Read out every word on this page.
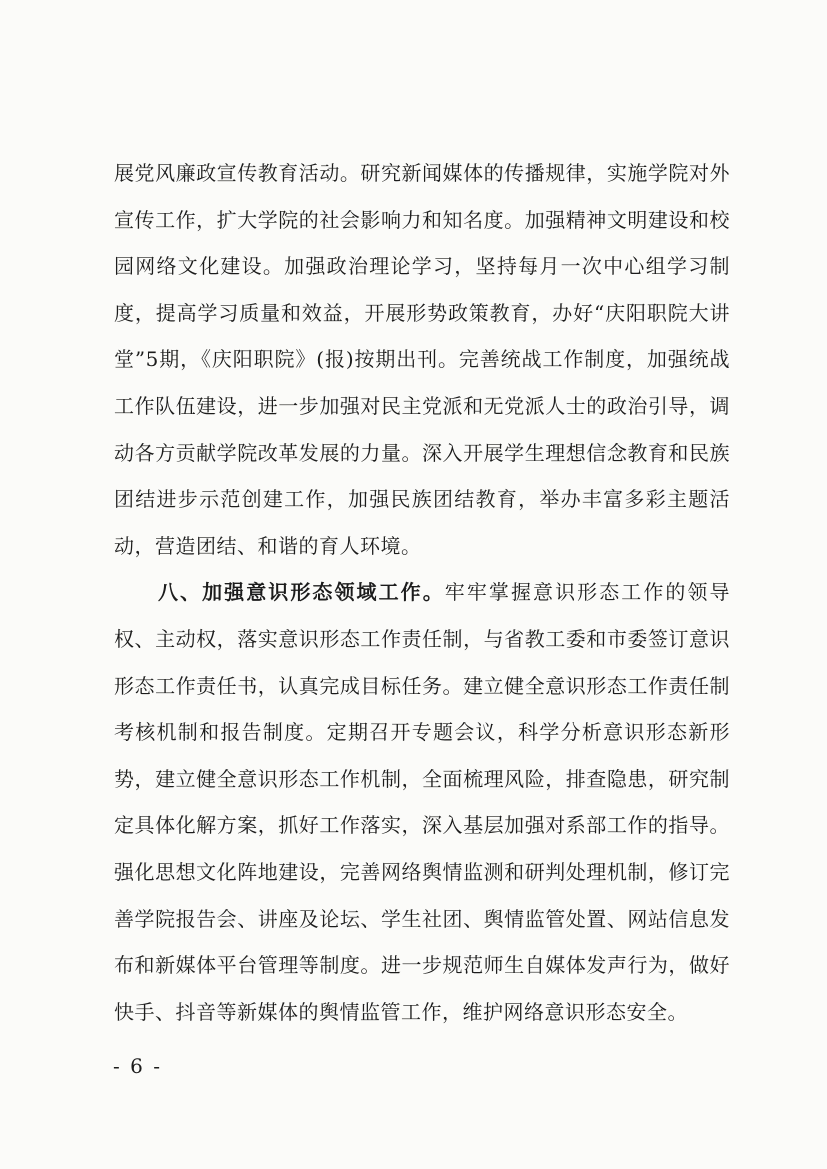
展党风廉政宣传教育活动。研究新闻媒体的传播规律，实施学院对外宣传工作，扩大学院的社会影响力和知名度。加强精神文明建设和校园网络文化建设。加强政治理论学习，坚持每月一次中心组学习制度，提高学习质量和效益，开展形势政策教育，办好“庆阳职院大讲堂”5期，《庆阳职院》(报)按期出刊。完善统战工作制度，加强统战工作队伍建设，进一步加强对民主党派和无党派人士的政治引导，调动各方贡献学院改革发展的力量。深入开展学生理想信念教育和民族团结进步示范创建工作，加强民族团结教育，举办丰富多彩主题活动，营造团结、和谐的育人环境。

八、加强意识形态领域工作。牢牢掌握意识形态工作的领导权、主动权，落实意识形态工作责任制，与省教工委和市委签订意识形态工作责任书，认真完成目标任务。建立健全意识形态工作责任制考核机制和报告制度。定期召开专题会议，科学分析意识形态新形势，建立健全意识形态工作机制，全面梳理风险，排查隐患，研究制定具体化解方案，抓好工作落实，深入基层加强对系部工作的指导。强化思想文化阵地建设，完善网络舆情监测和研判处理机制，修订完善学院报告会、讲座及论坛、学生社团、舆情监管处置、网站信息发布和新媒体平台管理等制度。进一步规范师生自媒体发声行为，做好快手、抖音等新媒体的舆情监管工作，维护网络意识形态安全。

- 6 -
